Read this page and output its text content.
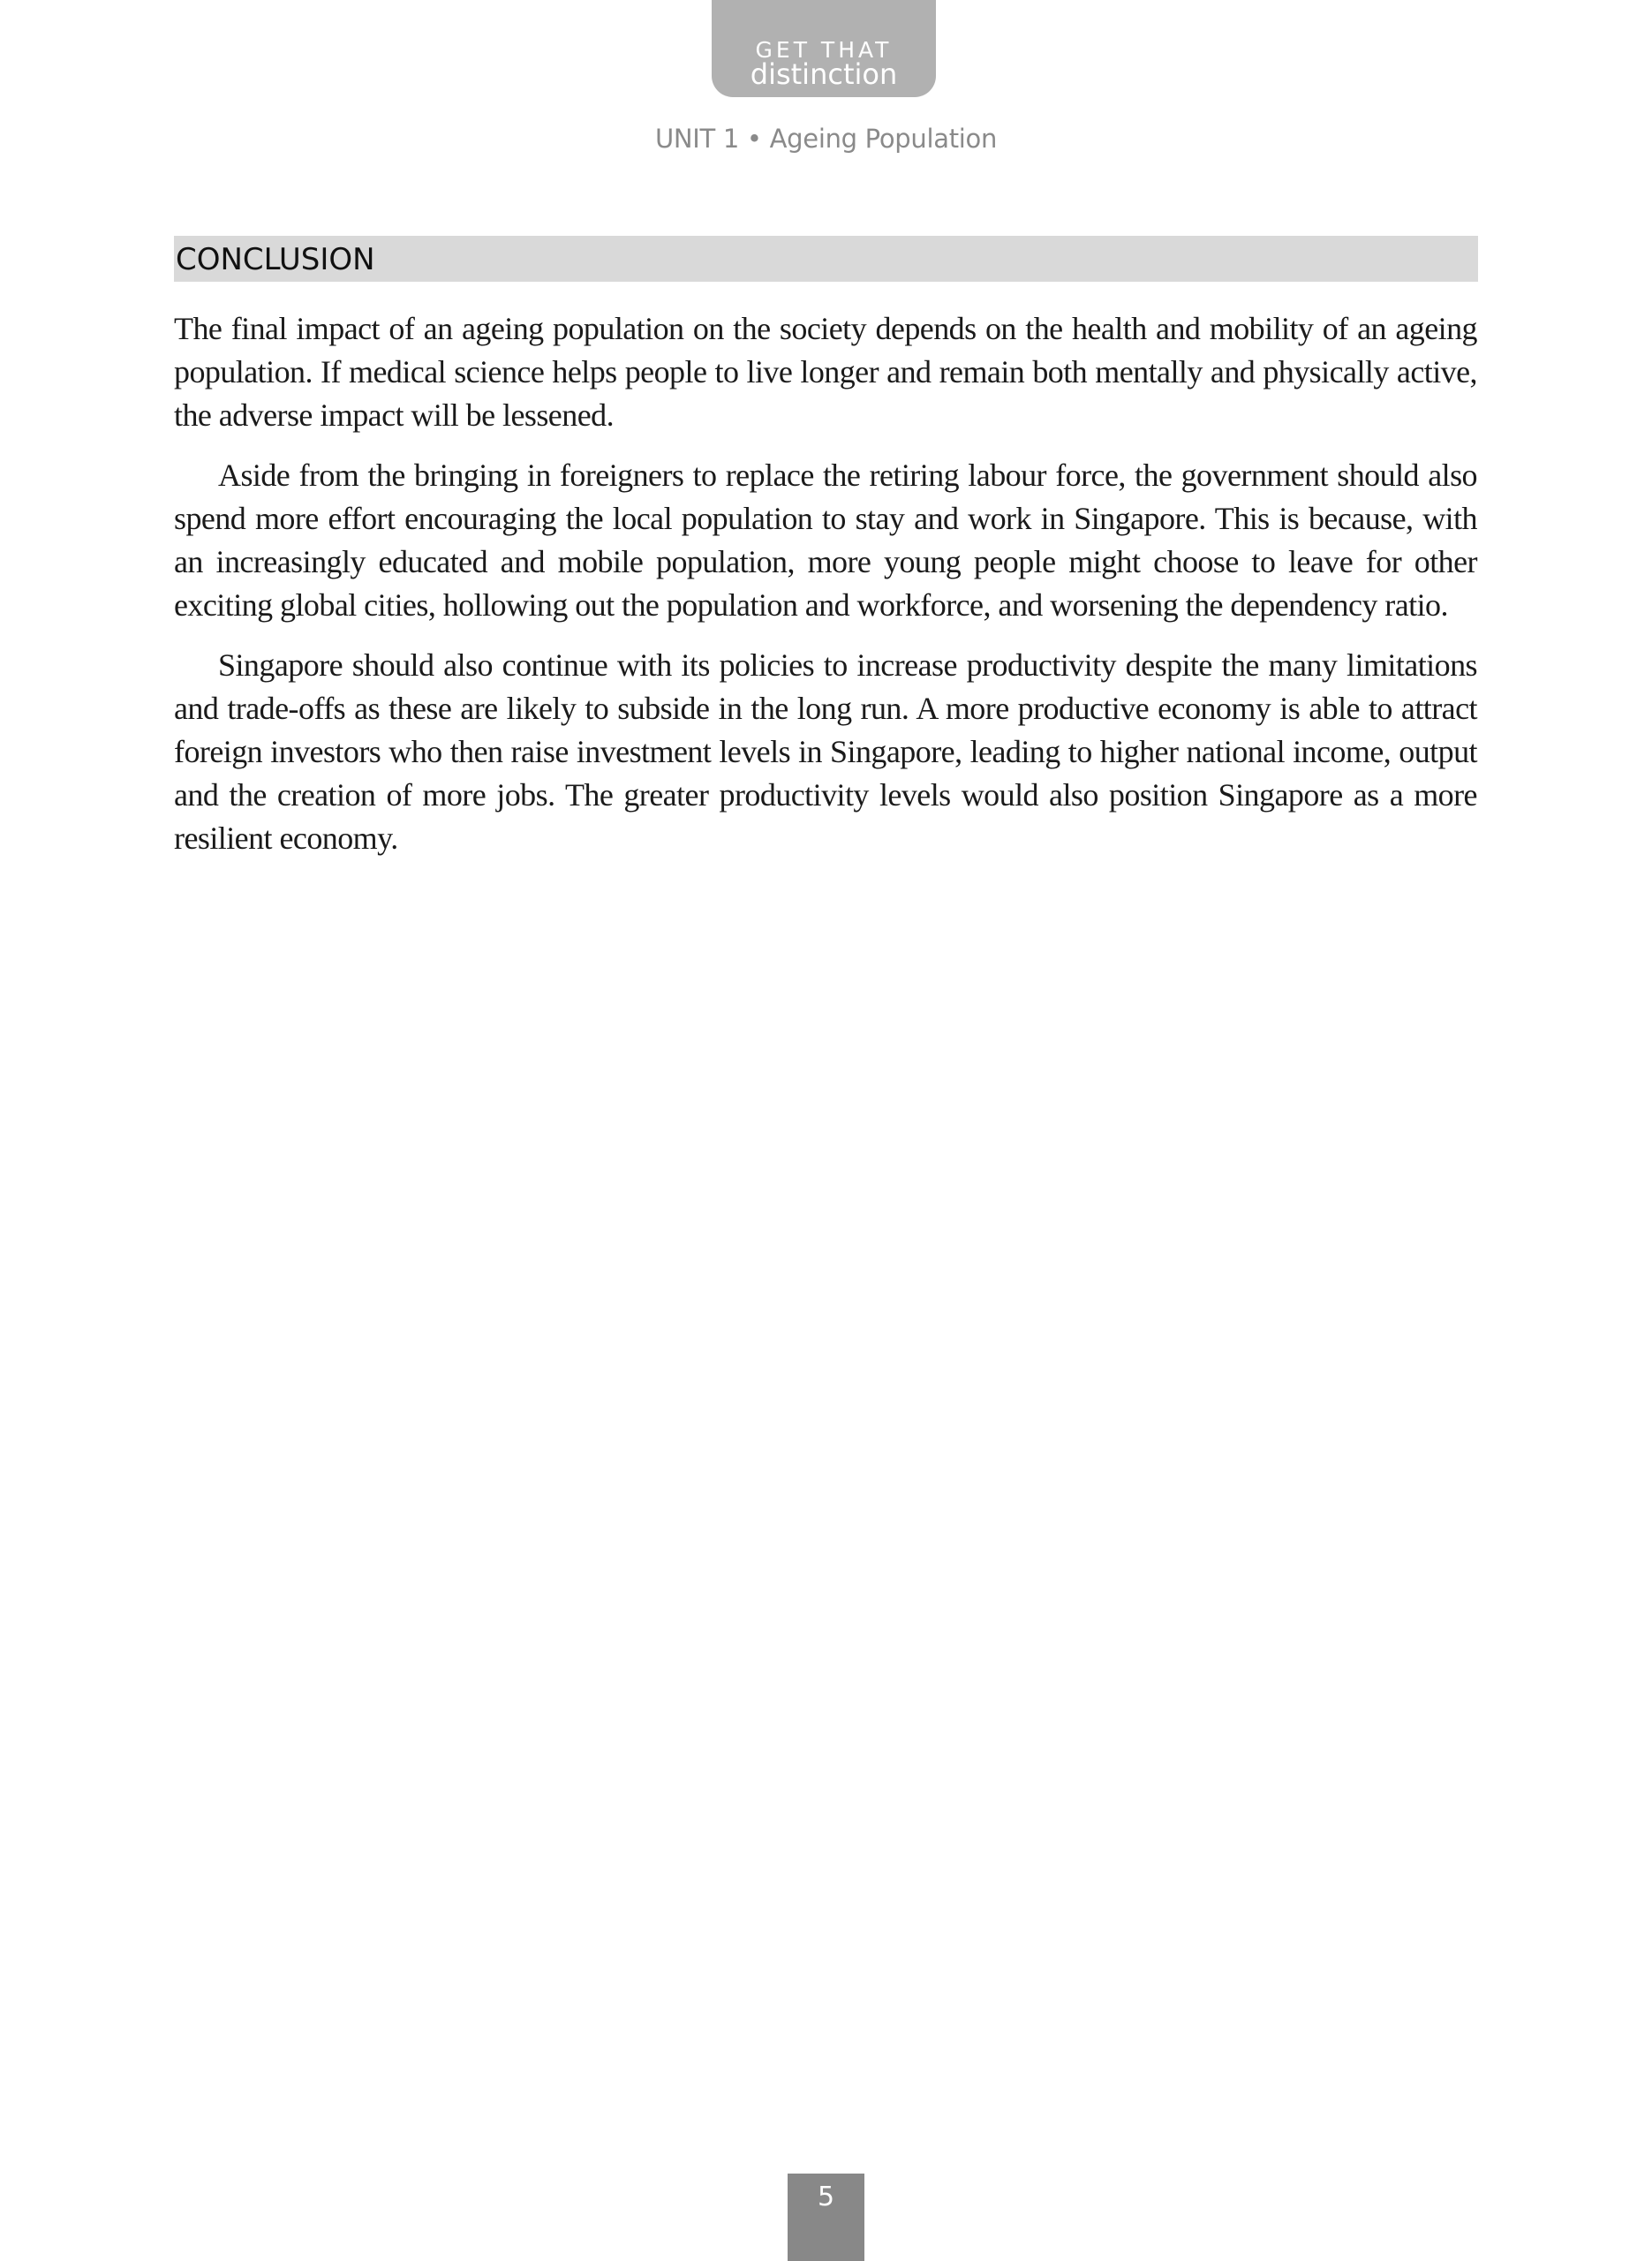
GET THAT
distinction
UNIT 1 • Ageing Population
CONCLUSION

The final impact of an ageing population on the society depends on the health and mobility of an ageing population. If medical science helps people to live longer and remain both mentally and physically active, the adverse impact will be lessened.

Aside from the bringing in foreigners to replace the retiring labour force, the government should also spend more effort encouraging the local population to stay and work in Singapore. This is because, with an increasingly educated and mobile population, more young people might choose to leave for other exciting global cities, hollowing out the population and workforce, and worsening the dependency ratio.

Singapore should also continue with its policies to increase productivity despite the many limitations and trade-offs as these are likely to subside in the long run. A more productive economy is able to attract foreign investors who then raise investment levels in Singapore, leading to higher national income, output and the creation of more jobs. The greater productivity levels would also position Singapore as a more resilient economy.

5
